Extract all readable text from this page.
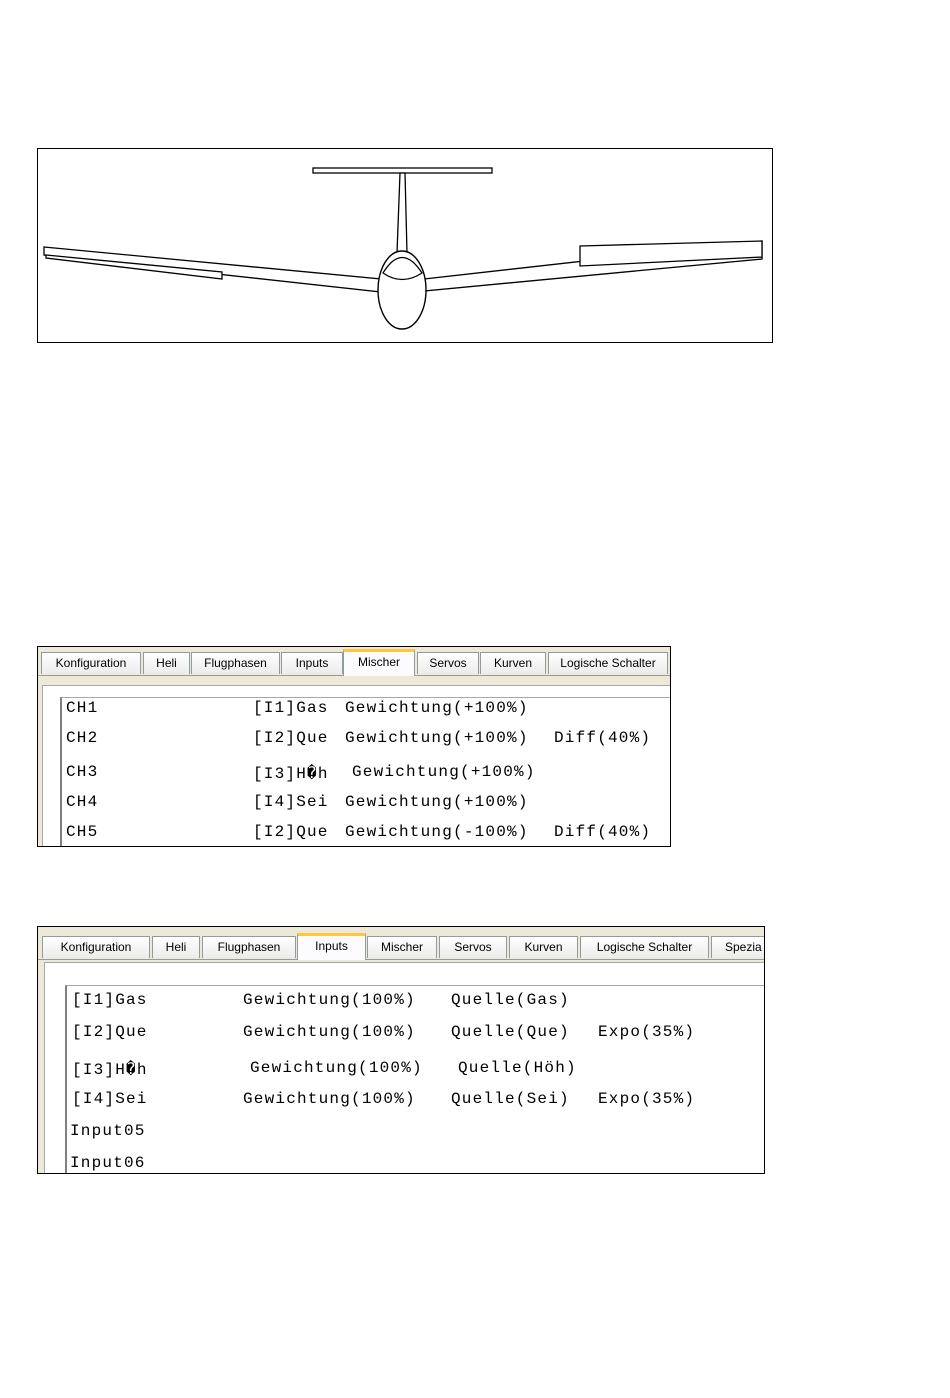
Konfiguration	Heli	Flugphasen	Inputs	Mischer	Servos	Kurven	Logische Schalter
CH1	[I1]Gas Gewichtung(+100%)
CH2	[I2]Que Gewichtung(+100%) Diff(40%)
CH3	[I3]H�h Gewichtung(+100%)
CH4	[I4]Sei Gewichtung(+100%)
CH5	[I2]Que Gewichtung(-100%) Diff(40%)
Konfiguration	Heli	Flugphasen	Inputs	Mischer	Servos	Kurven	Logische Schalter	Spezia
[I1]Gas	Gewichtung(100%) Quelle(Gas)
[I2]Que	Gewichtung(100%) Quelle(Que) Expo(35%)
[I3]H�h	Gewichtung(100%) Quelle(Höh)
[I4]Sei	Gewichtung(100%) Quelle(Sei) Expo(35%)
Input05
Input06
